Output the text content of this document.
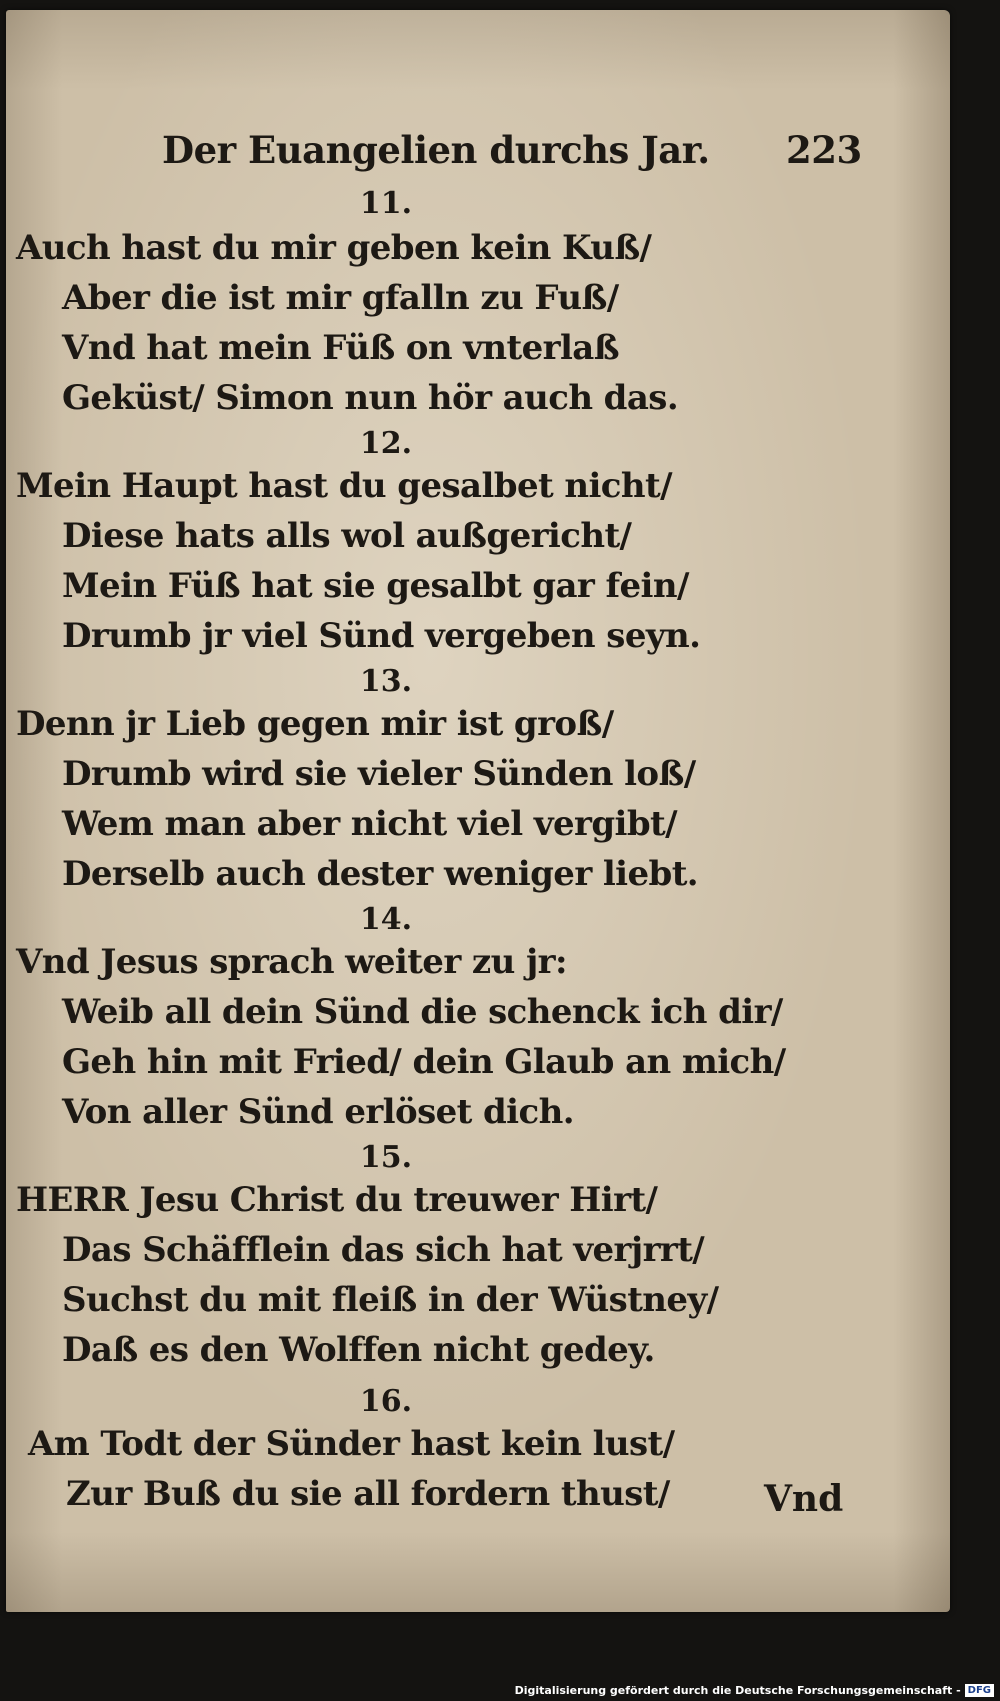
Der Euangelien durchs Jar. 223
11.
Auch hast du mir geben kein Kuß/
Aber die ist mir gfalln zu Fuß/
Vnd hat mein Füß on vnterlaß
Geküst/ Simon nun hör auch das.
12.
Mein Haupt hast du gesalbet nicht/
Diese hats alls wol außgericht/
Mein Füß hat sie gesalbt gar fein/
Drumb jr viel Sünd vergeben seyn.
13.
Denn jr Lieb gegen mir ist groß/
Drumb wird sie vieler Sünden loß/
Wem man aber nicht viel vergibt/
Derselb auch dester weniger liebt.
14.
Vnd Jesus sprach weiter zu jr:
Weib all dein Sünd die schenck ich dir/
Geh hin mit Fried/ dein Glaub an mich/
Von aller Sünd erlöset dich.
15.
HERR Jesu Christ du treuwer Hirt/
Das Schäfflein das sich hat verjrrt/
Suchst du mit fleiß in der Wüstney/
Daß es den Wolffen nicht gedey.
16.
Am Todt der Sünder hast kein lust/
Zur Buß du sie all fordern thust/	Vnd
Digitalisierung gefördert durch die Deutsche Forschungsgemeinschaft - DFG
